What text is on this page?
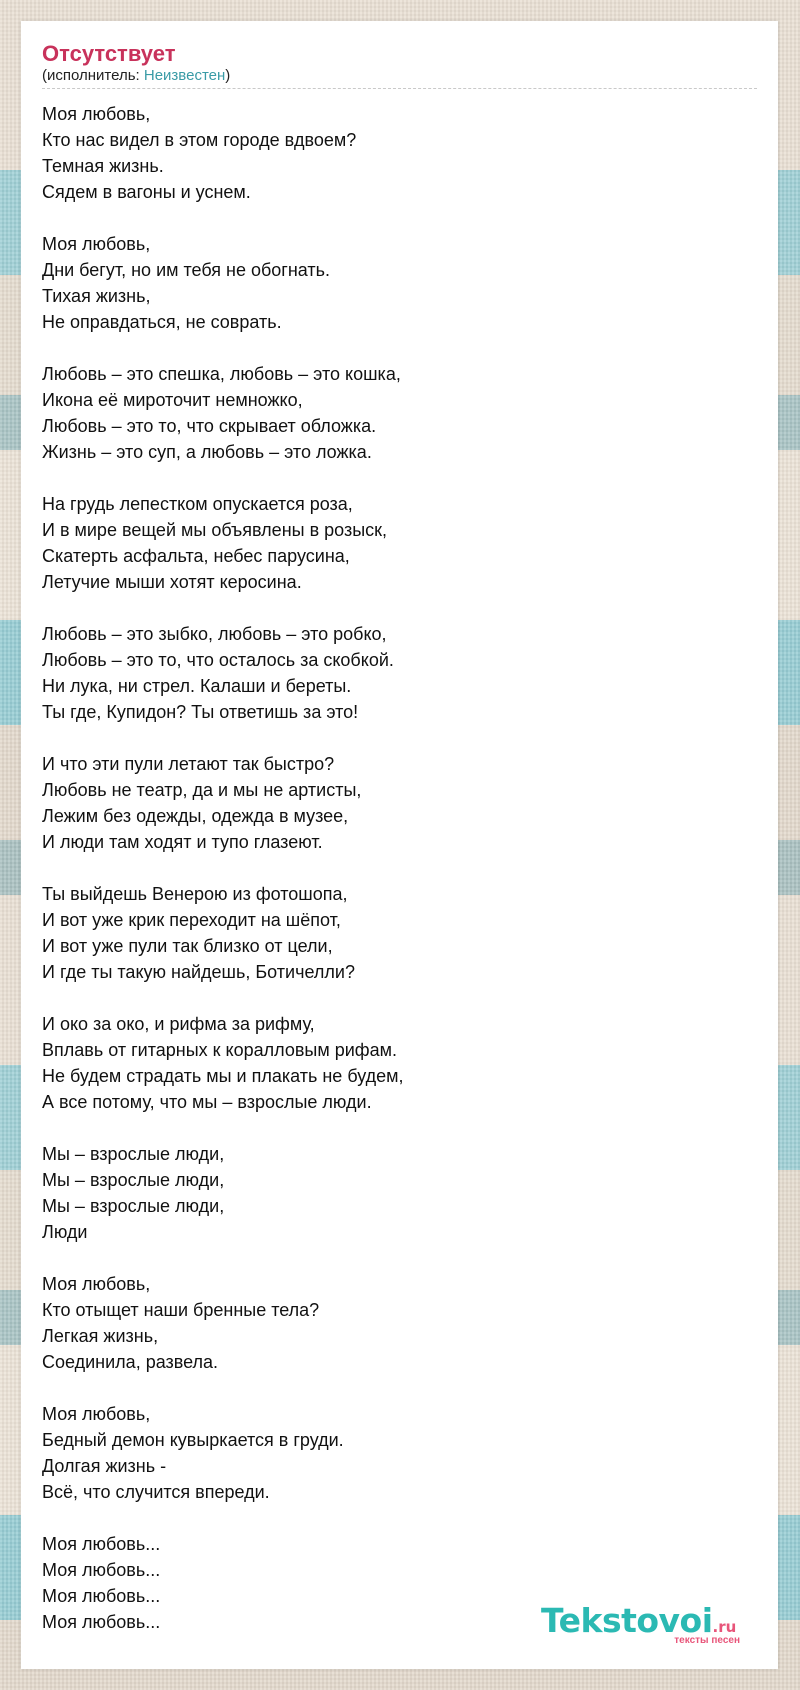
Отсутствует
(исполнитель: Неизвестен)
Моя любовь,
Кто нас видел в этом городе вдвоем?
Темная жизнь.
Сядем в вагоны и уснем.
Моя любовь,
Дни бегут, но им тебя не обогнать.
Тихая жизнь,
Не оправдаться, не соврать.
Любовь – это спешка, любовь – это кошка,
Икона её мироточит немножко,
Любовь – это то, что скрывает обложка.
Жизнь – это суп, а любовь – это ложка.
На грудь лепестком опускается роза,
И в мире вещей мы объявлены в розыск,
Скатерть асфальта, небес парусина,
Летучие мыши хотят керосина.
Любовь – это зыбко, любовь – это робко,
Любовь – это то, что осталось за скобкой.
Ни лука, ни стрел. Калаши и береты.
Ты где, Купидон? Ты ответишь за это!
И что эти пули летают так быстро?
Любовь не театр, да и мы не артисты,
Лежим без одежды, одежда в музее,
И люди там ходят и тупо глазеют.
Ты выйдешь Венерою из фотошопа,
И вот уже крик переходит на шёпот,
И вот уже пули так близко от цели,
И где ты такую найдешь, Ботичелли?
И око за око, и рифма за рифму,
Вплавь от гитарных к коралловым рифам.
Не будем страдать мы и плакать не будем,
А все потому, что мы – взрослые люди.
Мы – взрослые люди,
Мы – взрослые люди,
Мы – взрослые люди,
Люди
Моя любовь,
Кто отыщет наши бренные тела?
Легкая жизнь,
Соединила, развела.
Моя любовь,
Бедный демон кувыркается в груди.
Долгая жизнь -
Всё, что случится впереди.
Моя любовь...
Моя любовь...
Моя любовь...
Моя любовь...	Tekstovoi.ru
тексты песен
